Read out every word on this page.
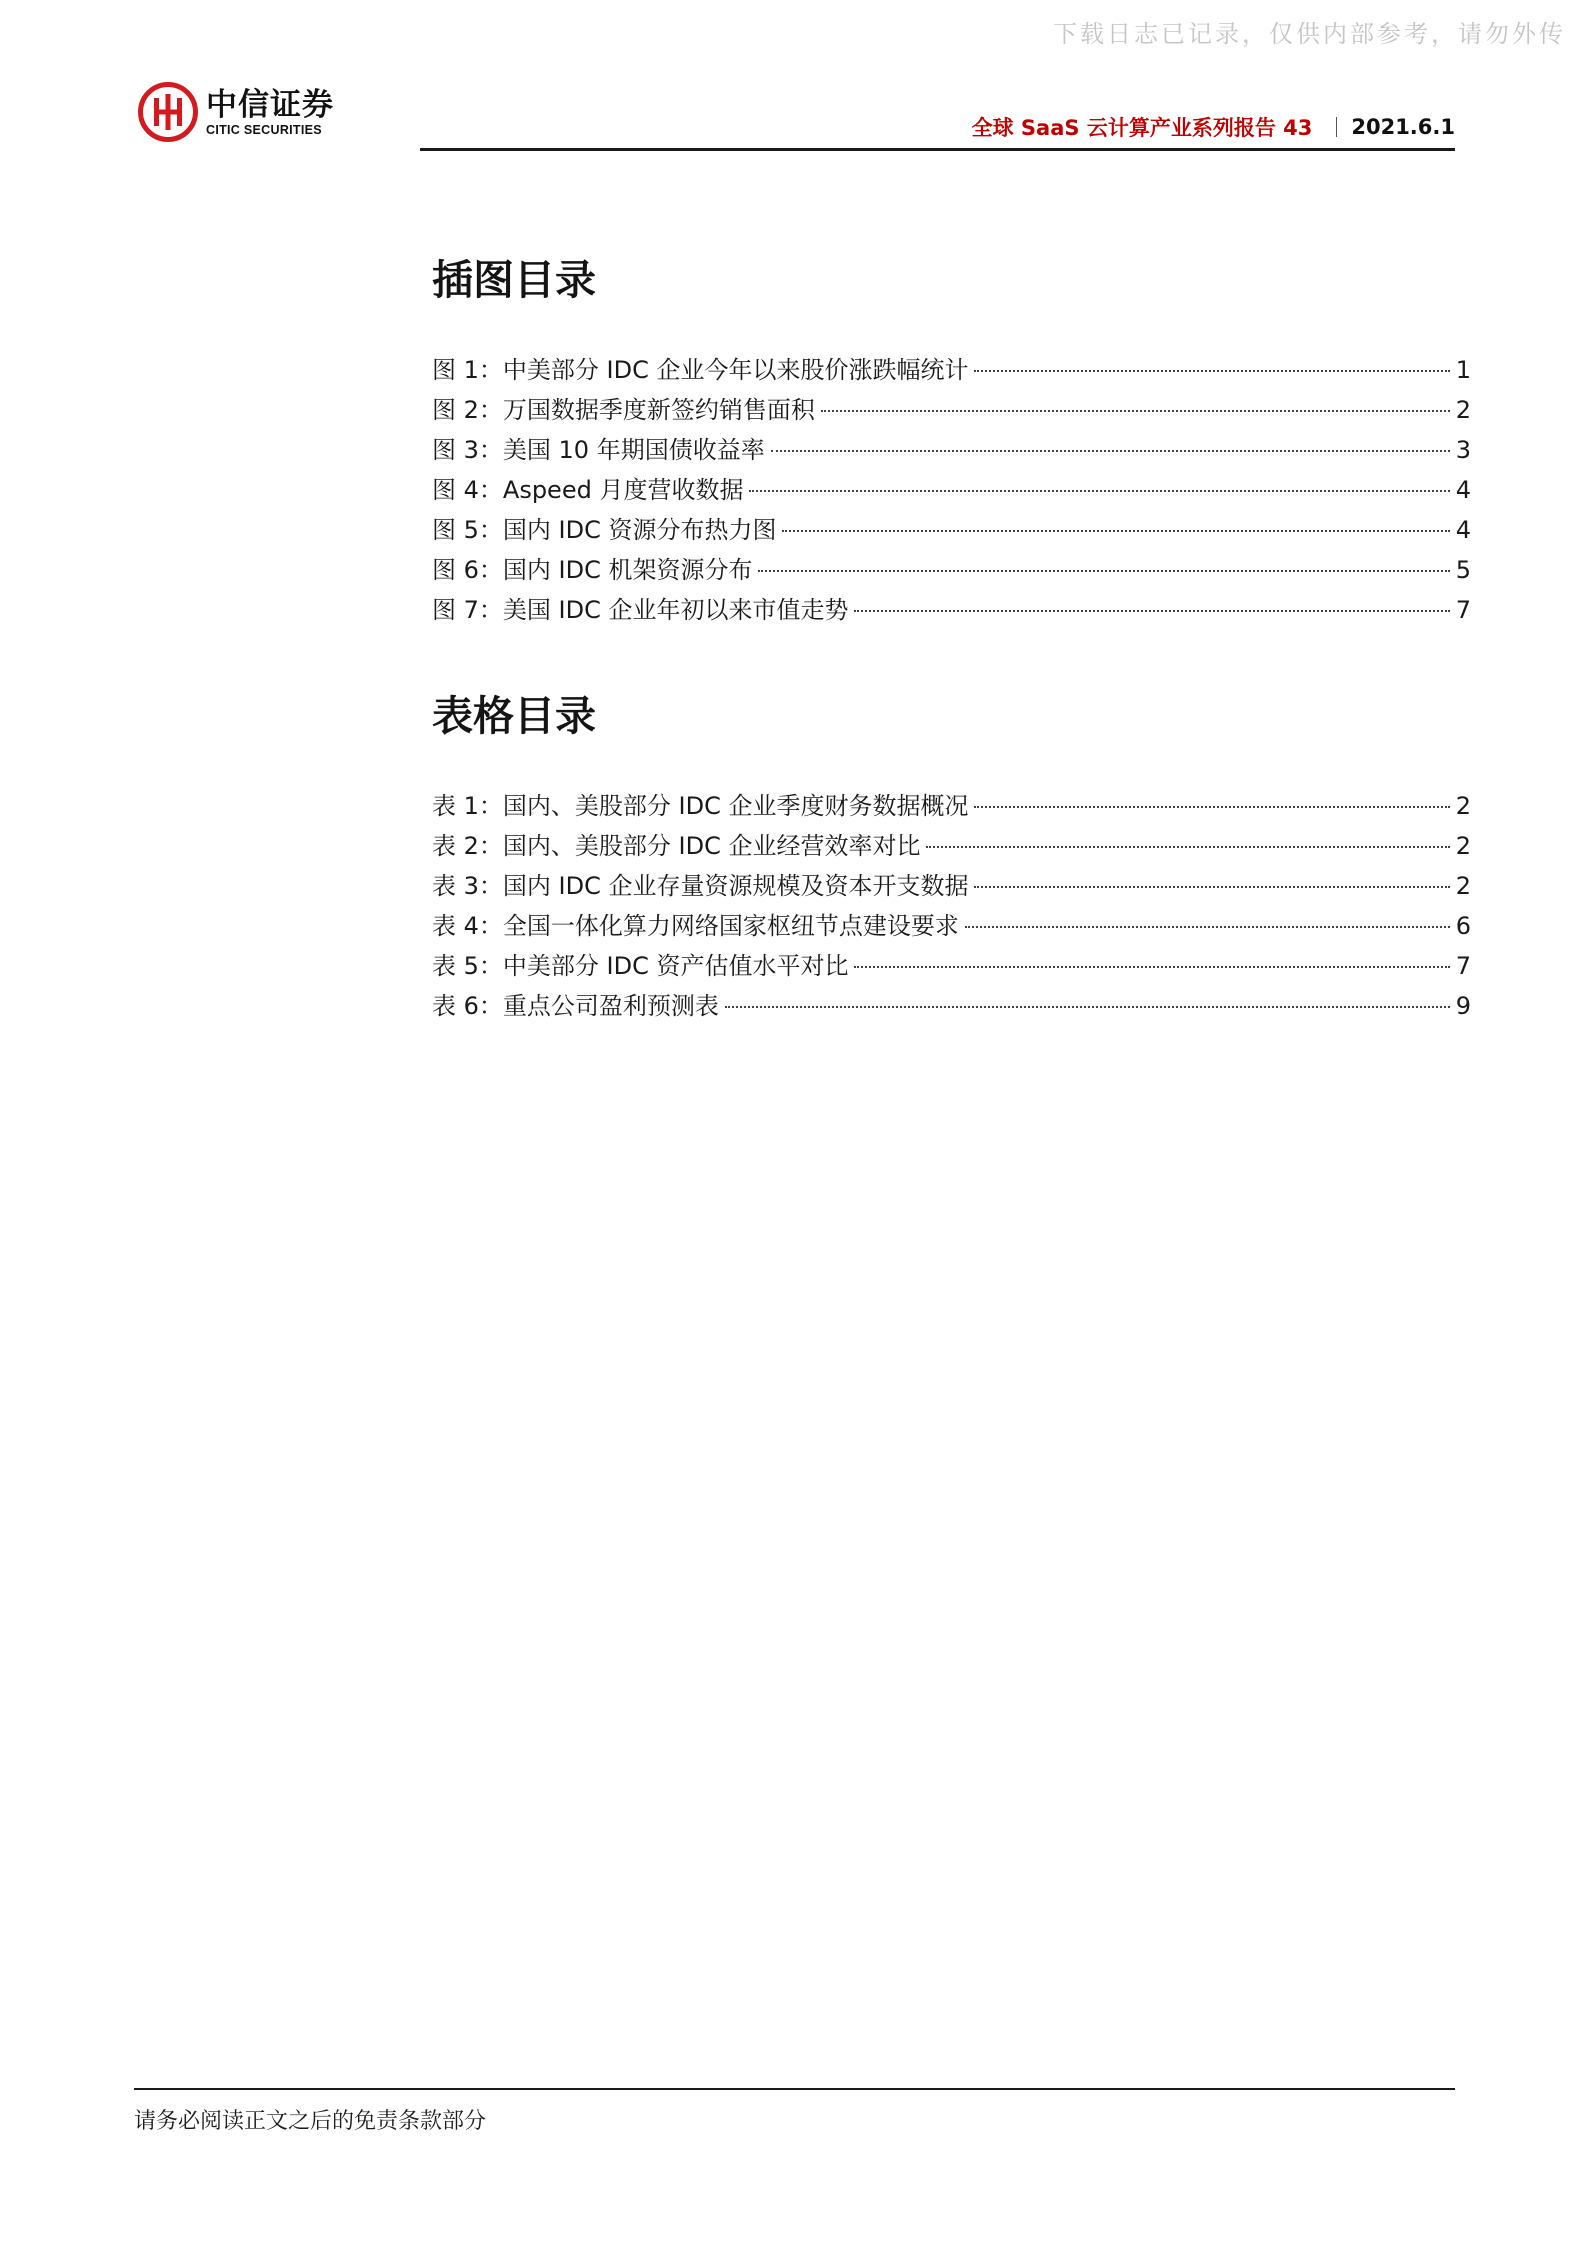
下载日志已记录，仅供内部参考，请勿外传
中信证券
CITIC SECURITIES	全球 SaaS 云计算产业系列报告 43 2021.6.1
插图目录
图 1：中美部分 IDC 企业今年以来股价涨跌幅统计	1
图 2：万国数据季度新签约销售面积	2
图 3：美国 10 年期国债收益率	3
图 4：Aspeed 月度营收数据	4
图 5：国内 IDC 资源分布热力图	4
图 6：国内 IDC 机架资源分布	5
图 7：美国 IDC 企业年初以来市值走势	7
表格目录
表 1：国内、美股部分 IDC 企业季度财务数据概况	2
表 2：国内、美股部分 IDC 企业经营效率对比	2
表 3：国内 IDC 企业存量资源规模及资本开支数据	2
表 4：全国一体化算力网络国家枢纽节点建设要求	6
表 5：中美部分 IDC 资产估值水平对比	7
表 6：重点公司盈利预测表	9
请务必阅读正文之后的免责条款部分
